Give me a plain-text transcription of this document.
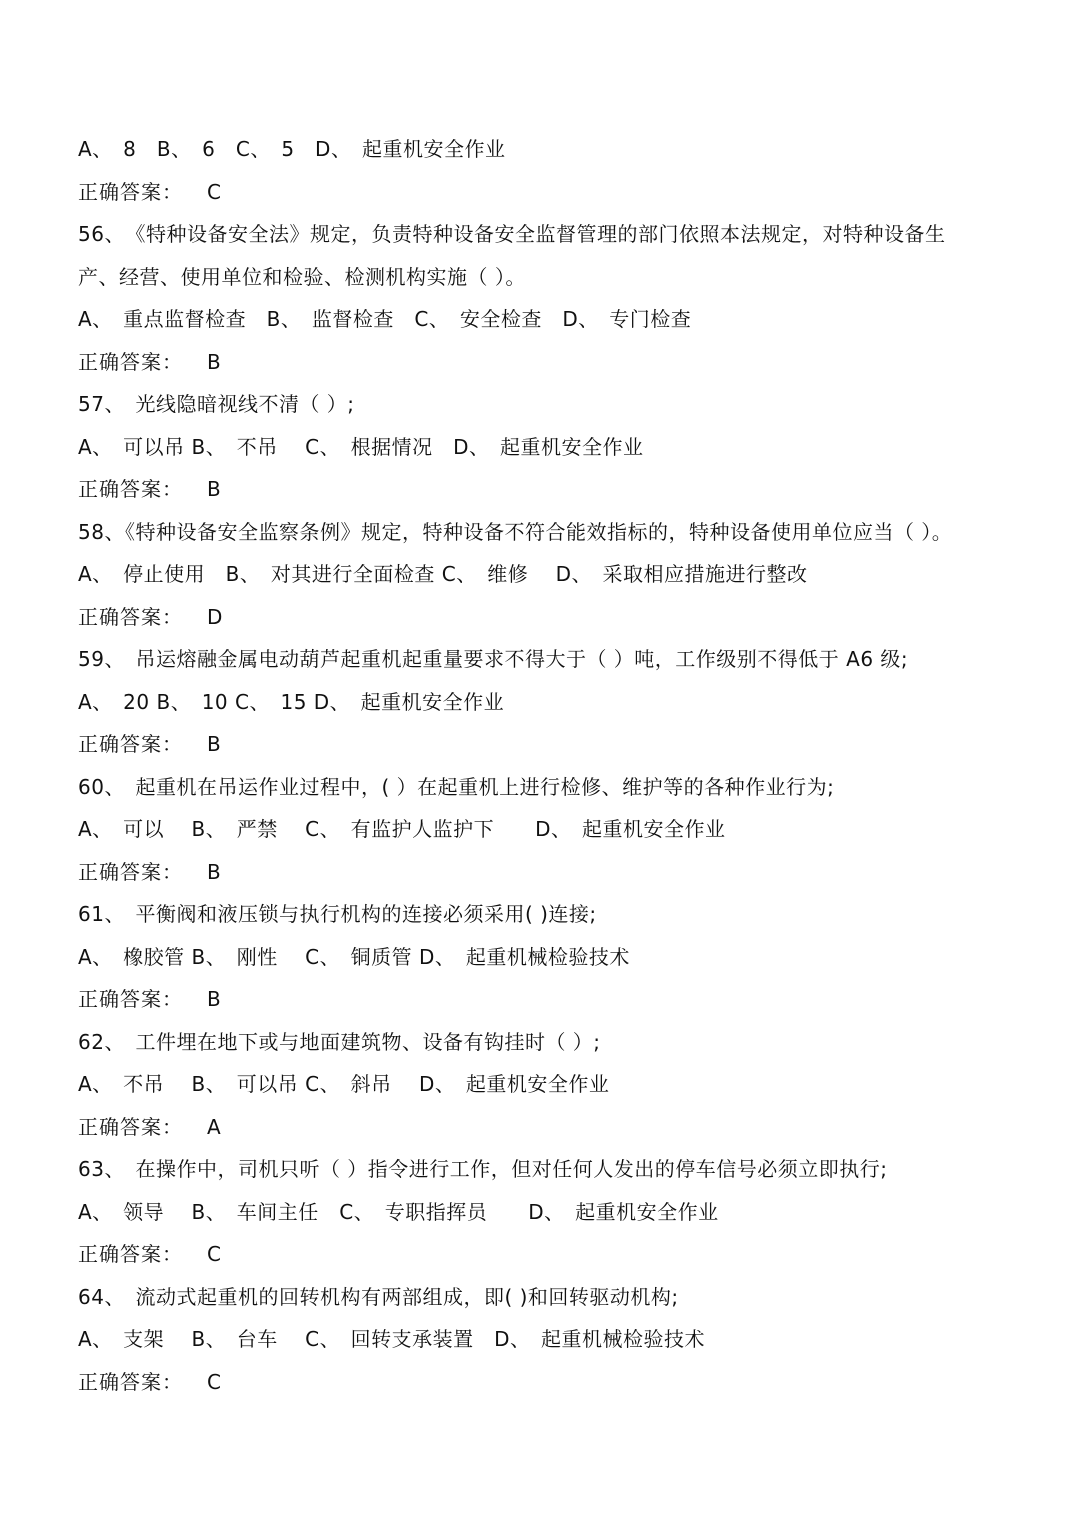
A、　8　B、　6　C、　5　D、　起重机安全作业
正确答案： C
56、　《特种设备安全法》规定，负责特种设备安全监督管理的部门依照本法规定，对特种设备生
产、经营、使用单位和检验、检测机构实施（ ）。
A、　重点监督检查　B、　监督检查　C、　安全检查　D、　专门检查
正确答案： B
57、　光线隐暗视线不清（ ）;
A、　可以吊 B、　不吊　 C、　根据情况　D、　起重机安全作业
正确答案： B
58、《特种设备安全监察条例》规定，特种设备不符合能效指标的，特种设备使用单位应当（ ）。
A、　停止使用　B、　对其进行全面检查 C、　维修　 D、　采取相应措施进行整改
正确答案： D
59、　吊运熔融金属电动葫芦起重机起重量要求不得大于（ ）吨，工作级别不得低于 A6 级;
A、　20 B、　10 C、　15 D、　起重机安全作业
正确答案： B
60、　起重机在吊运作业过程中，( ）在起重机上进行检修、维护等的各种作业行为;
A、　可以　 B、　严禁　 C、　有监护人监护下　　D、　起重机安全作业
正确答案： B
61、　平衡阀和液压锁与执行机构的连接必须采用( )连接;
A、　橡胶管 B、　刚性　 C、　铜质管 D、　起重机械检验技术
正确答案： B
62、　工件埋在地下或与地面建筑物、设备有钩挂时（ ）;
A、　不吊　 B、　可以吊 C、　斜吊　 D、　起重机安全作业
正确答案： A
63、　在操作中，司机只听（ ）指令进行工作，但对任何人发出的停车信号必须立即执行;
A、　领导　 B、　车间主任　C、　专职指挥员　　D、　起重机安全作业
正确答案： C
64、　流动式起重机的回转机构有两部组成，即( )和回转驱动机构;
A、　支架　 B、　台车　 C、　回转支承装置　D、　起重机械检验技术
正确答案： C
